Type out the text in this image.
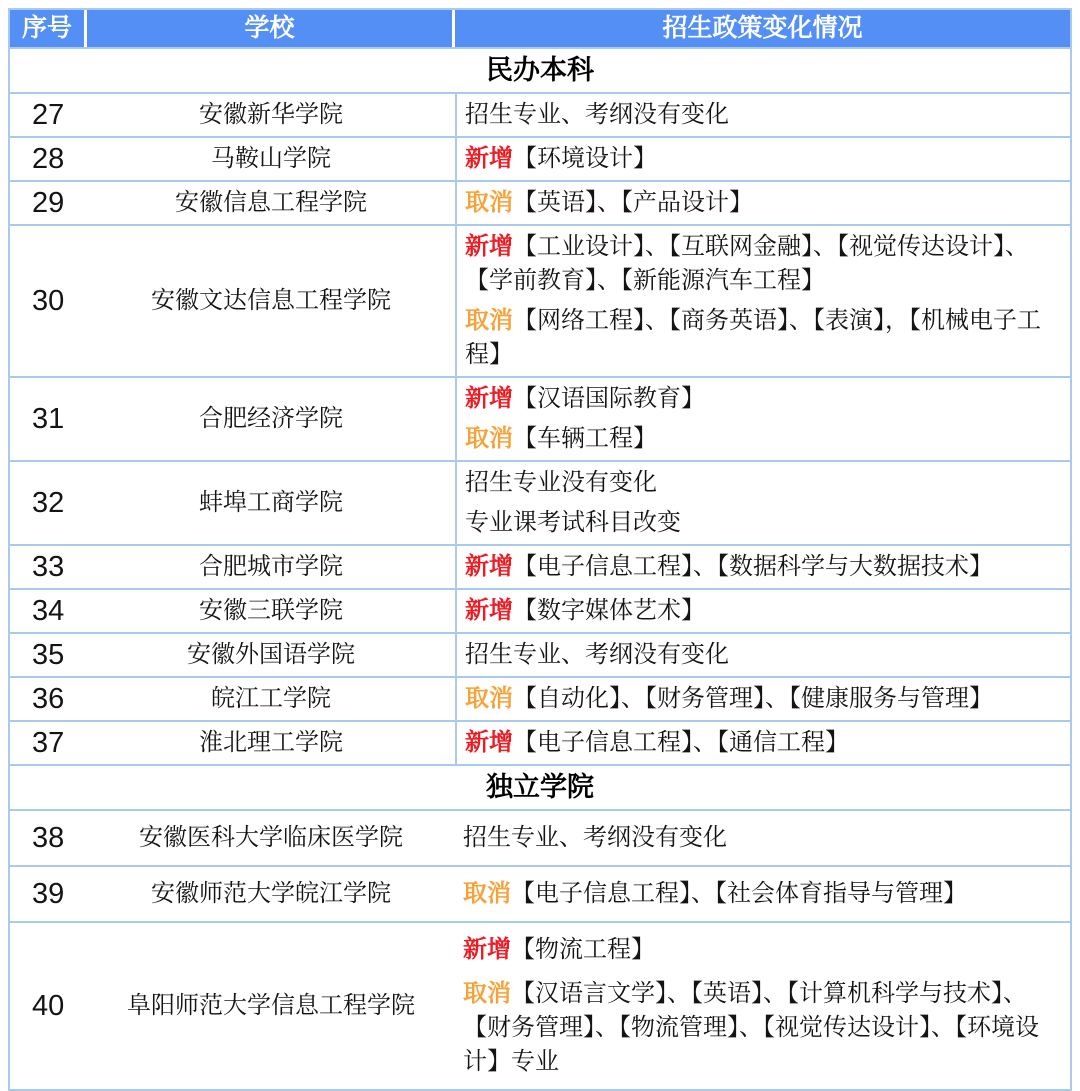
序号	学校	招生政策变化情况
民办本科
27	安徽新华学院	招生专业、考纲没有变化
28	马鞍山学院	新增【环境设计】
29	安徽信息工程学院	取消【英语】、【产品设计】
30	安徽文达信息工程学院
新增【工业设计】、【互联网金融】、【视觉传达设计】、【学前教育】、【新能源汽车工程】
取消【网络工程】、【商务英语】、【表演】，【机械电子工程】
31	合肥经济学院
新增【汉语国际教育】
取消【车辆工程】
32	蚌埠工商学院
招生专业没有变化
专业课考试科目改变
33	合肥城市学院	新增【电子信息工程】、【数据科学与大数据技术】
34	安徽三联学院	新增【数字媒体艺术】
35	安徽外国语学院	招生专业、考纲没有变化
36	皖江工学院	取消【自动化】、【财务管理】、【健康服务与管理】
37	淮北理工学院	新增【电子信息工程】、【通信工程】
独立学院
38	安徽医科大学临床医学院	招生专业、考纲没有变化
39	安徽师范大学皖江学院	取消【电子信息工程】、【社会体育指导与管理】
40	阜阳师范大学信息工程学院
新增【物流工程】
取消【汉语言文学】、【英语】、【计算机科学与技术】、【财务管理】、【物流管理】、【视觉传达设计】、【环境设计】专业
